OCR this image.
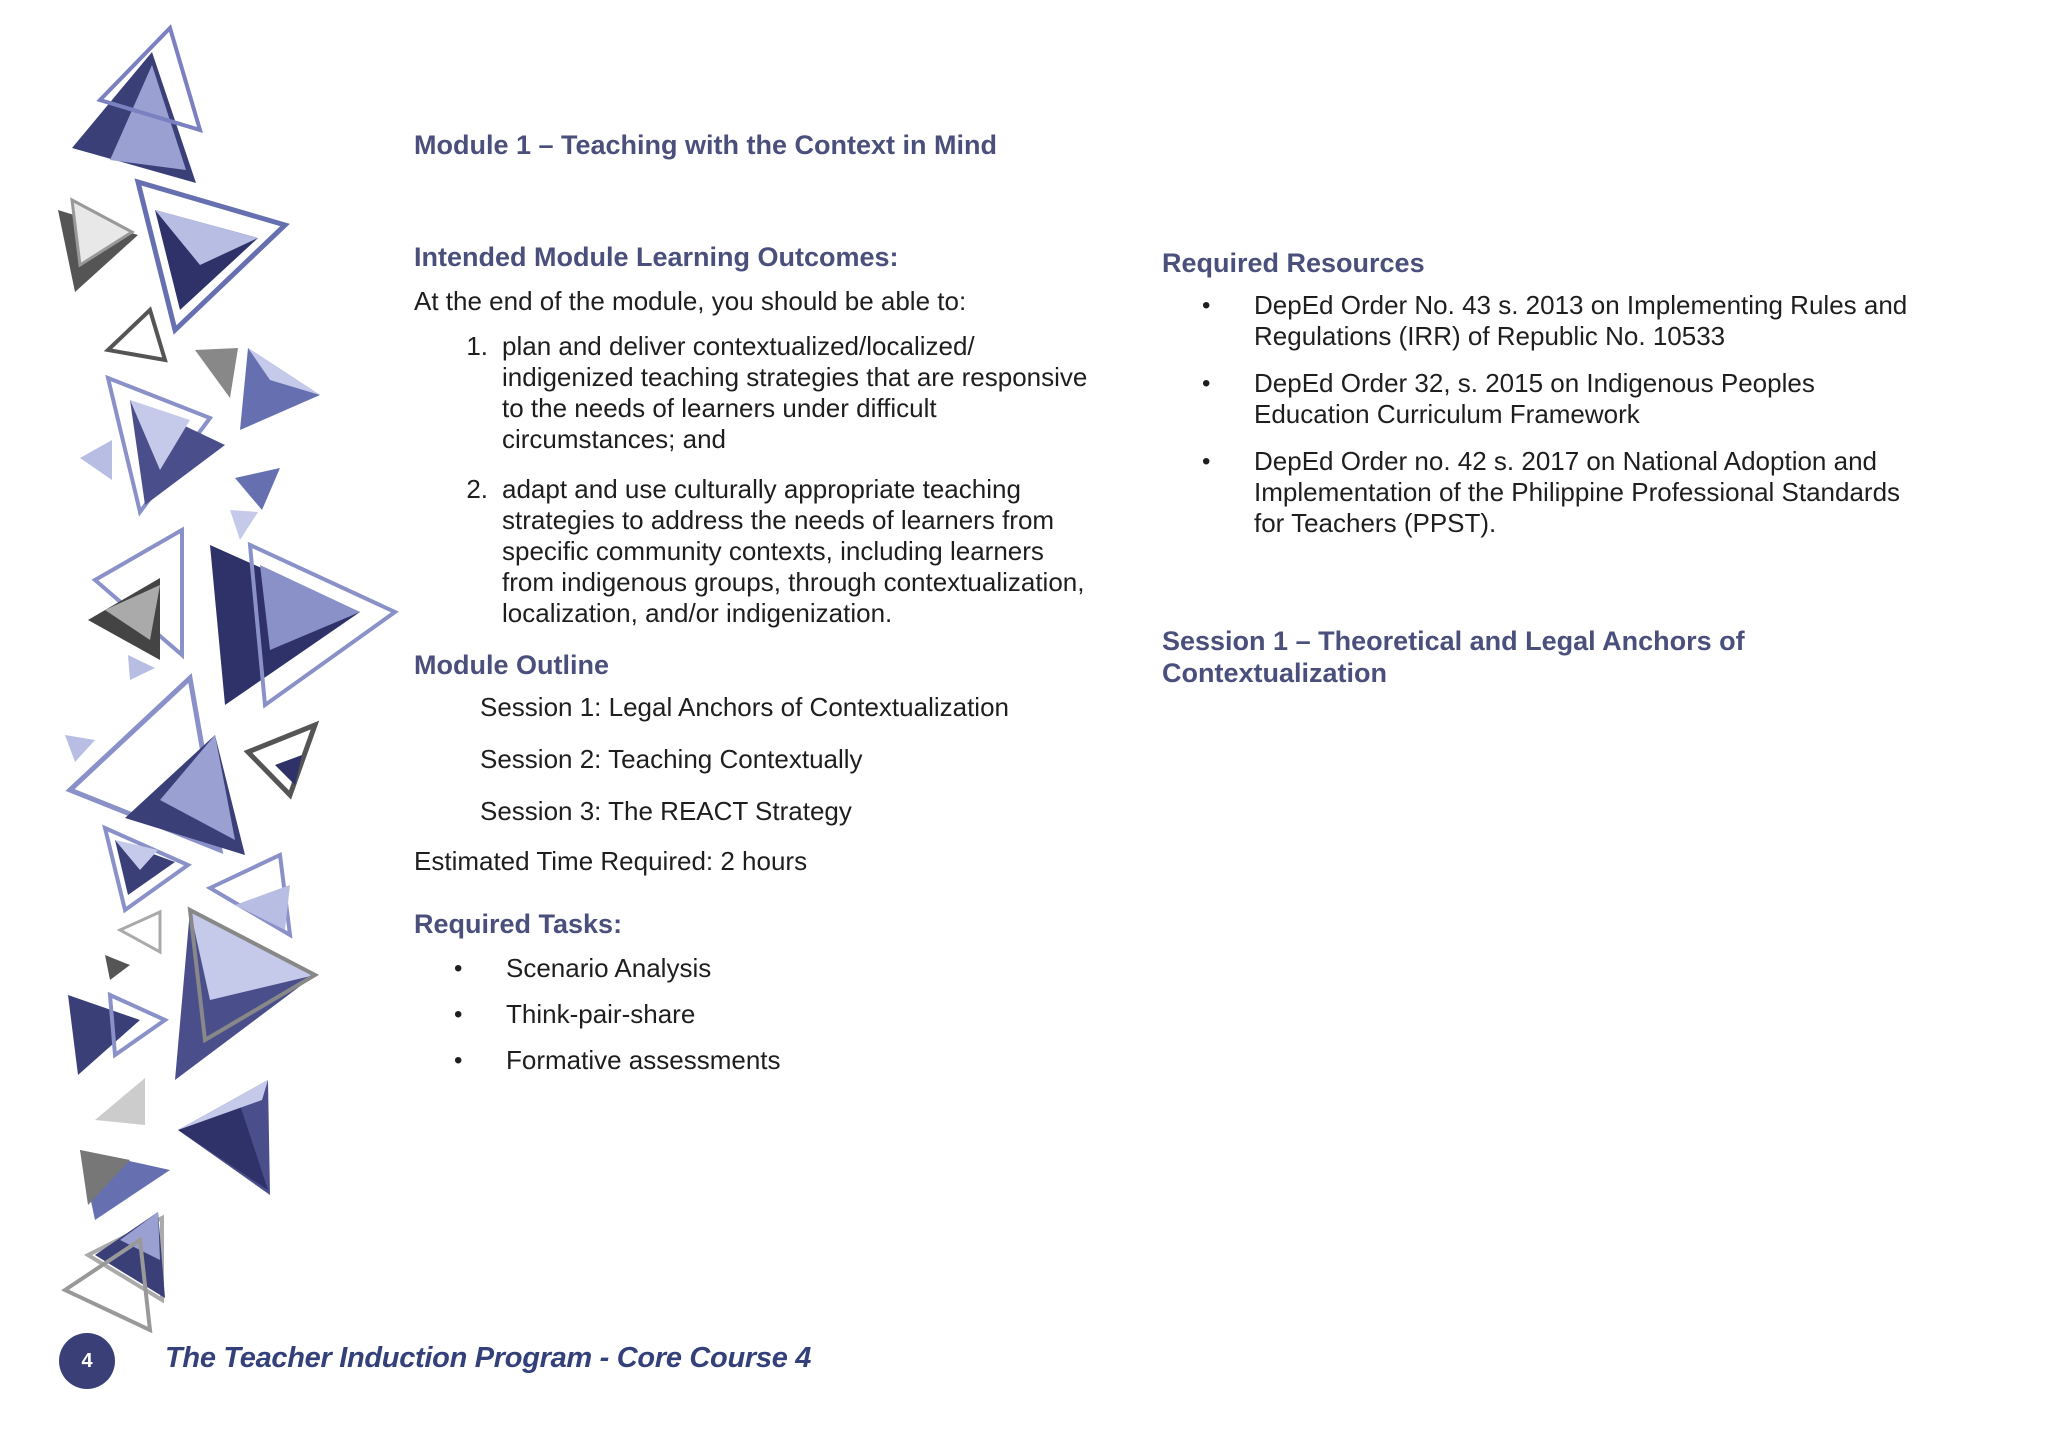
Module 1 – Teaching with the Context in Mind
Intended Module Learning Outcomes:
At the end of the module, you should be able to:
1. plan and deliver contextualized/localized/ indigenized teaching strategies that are responsive to the needs of learners under difficult circumstances; and
2. adapt and use culturally appropriate teaching strategies to address the needs of learners from specific community contexts, including learners from indigenous groups, through contextualization, localization, and/or indigenization.
Module Outline
Session 1: Legal Anchors of Contextualization
Session 2: Teaching Contextually
Session 3: The REACT Strategy
Estimated Time Required: 2 hours
Required Tasks:
•	Scenario Analysis
•	Think-pair-share
•	Formative assessments
Required Resources
•	DepEd Order No. 43 s. 2013 on Implementing Rules and Regulations (IRR) of Republic No. 10533
•	DepEd Order 32, s. 2015 on Indigenous Peoples Education Curriculum Framework
•	DepEd Order no. 42 s. 2017 on National Adoption and Implementation of the Philippine Professional Standards for Teachers (PPST).
Session 1 – Theoretical and Legal Anchors of Contextualization
4	The Teacher Induction Program - Core Course 4
